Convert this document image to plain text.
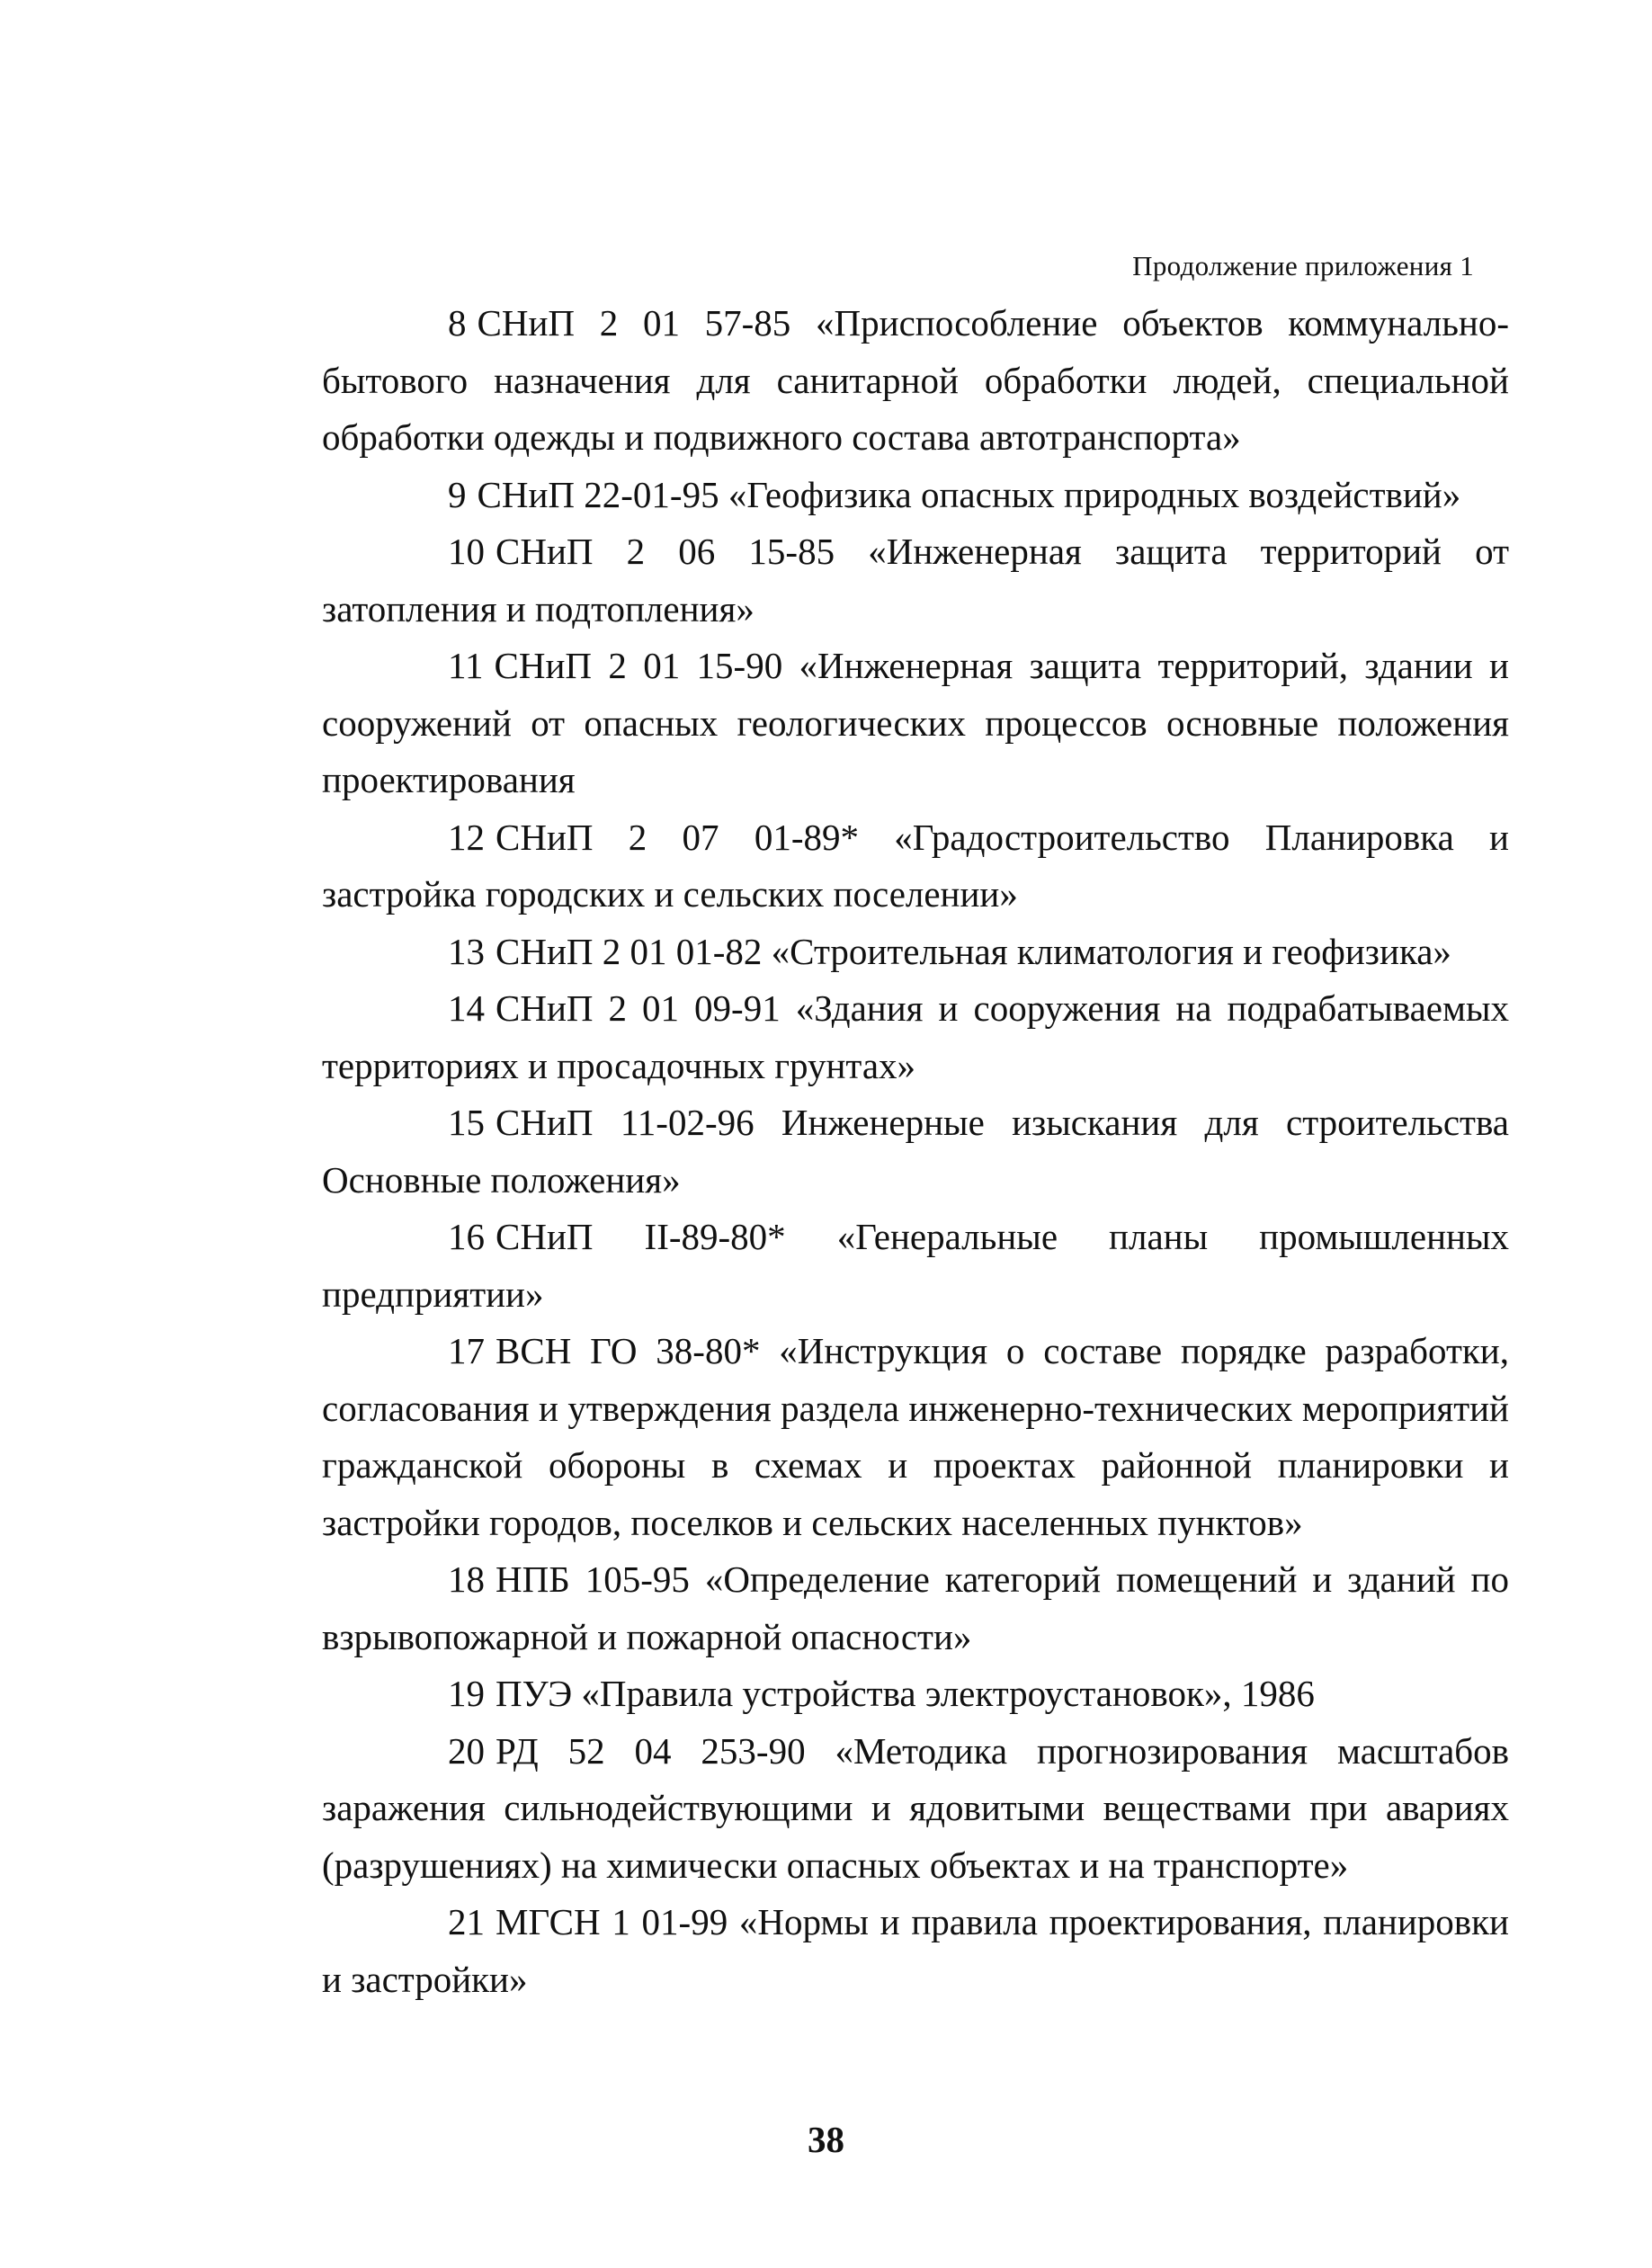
Продолжение приложения 1

8 СНиП 2 01 57-85 «Приспособление объектов коммунально-бытового назначения для санитарной обработки людей, специальной обработки одежды и подвижного состава автотранспорта»

9 СНиП 22-01-95 «Геофизика опасных природных воздействий»

10 СНиП 2 06 15-85 «Инженерная защита территорий от затопления и подтопления»

11 СНиП 2 01 15-90 «Инженерная защита территорий, здании и сооружений от опасных геологических процессов основные положения проектирования

12 СНиП 2 07 01-89* «Градостроительство Планировка и застройка городских и сельских поселении»

13 СНиП 2 01 01-82 «Строительная климатология и геофизика»

14 СНиП 2 01 09-91 «Здания и сооружения на подрабатываемых территориях и просадочных грунтах»

15 СНиП 11-02-96 Инженерные изыскания для строительства Основные положения»

16 СНиП II-89-80* «Генеральные планы промышленных предприятии»

17 ВСН ГО 38-80* «Инструкция о составе порядке разработки, согласования и утверждения раздела инженерно-технических мероприятий гражданской обороны в схемах и проектах районной планировки и застройки городов, поселков и сельских населенных пунктов»

18 НПБ 105-95 «Определение категорий помещений и зданий по взрывопожарной и пожарной опасности»

19 ПУЭ «Правила устройства электроустановок», 1986

20 РД 52 04 253-90 «Методика прогнозирования масштабов заражения сильнодействующими и ядовитыми веществами при авариях (разрушениях) на химически опасных объектах и на транспорте»

21 МГСН 1 01-99 «Нормы и правила проектирования, планировки и застройки»

38
